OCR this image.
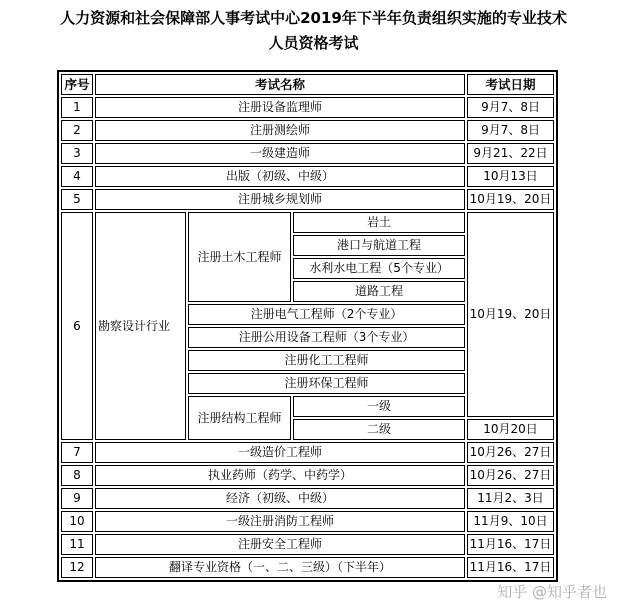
人力资源和社会保障部人事考试中心2019年下半年负责组织实施的专业技术
人员资格考试
序号	考试名称			考试日期
1	注册设备监理师			9月7、8日
2	注册测绘师			9月7、8日
3	一级建造师			9月21、22日
4	出版（初级、中级）			10月13日
5	注册城乡规划师			10月19、20日
6	勘察设计行业	注册土木工程师	岩土	10月19、20日
			港口与航道工程	
			水利水电工程（5个专业）	
			道路工程	
		注册电气工程师（2个专业）		
		注册公用设备工程师（3个专业）		
		注册化工工程师		
		注册环保工程师		
		注册结构工程师	一级	
			二级	10月20日
7	一级造价工程师			10月26、27日
8	执业药师（药学、中药学）			10月26、27日
9	经济（初级、中级）			11月2、3日
10	一级注册消防工程师			11月9、10日
11	注册安全工程师			11月16、17日
12	翻译专业资格（一、二、三级）（下半年）			11月16、17日
知乎 @知乎者也
